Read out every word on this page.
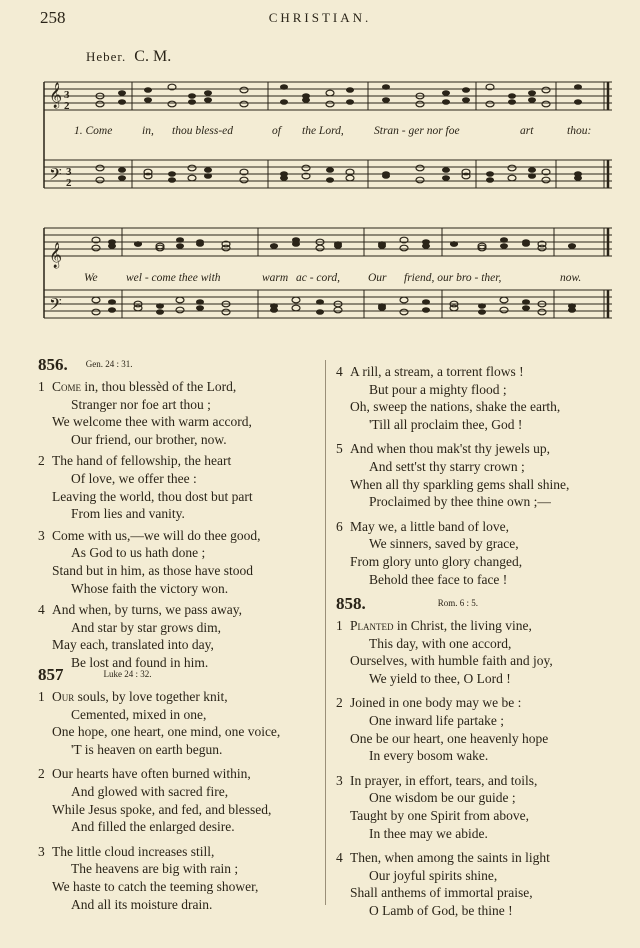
258	CHRISTIAN.
Heber. C. M.
𝄞
𝄢
𝄞
𝄢
3
2
3
2
1. Come	in, thou bless-ed	of the Lord,	Stran - ger nor foe	art	thou:
We wel - come thee with	warm ac - cord, Our friend, our bro - ther,	now.
856. Gen. 24 : 31.
1 Come in, thou blessèd of the Lord,
Stranger nor foe art thou ;
We welcome thee with warm accord,
Our friend, our brother, now.
2 The hand of fellowship, the heart
Of love, we offer thee :
Leaving the world, thou dost but part
From lies and vanity.
3 Come with us,—we will do thee good,
As God to us hath done ;
Stand but in him, as those have stood
Whose faith the victory won.
4 And when, by turns, we pass away,
And star by star grows dim,
May each, translated into day,
Be lost and found in him.
857	Luke 24 : 32.
1 Our souls, by love together knit,
Cemented, mixed in one,
One hope, one heart, one mind, one voice,
'T is heaven on earth begun.
2 Our hearts have often burned within,
And glowed with sacred fire,
While Jesus spoke, and fed, and blessed,
And filled the enlarged desire.
3 The little cloud increases still,
The heavens are big with rain ;
We haste to catch the teeming shower,
And all its moisture drain.
4 A rill, a stream, a torrent flows !
But pour a mighty flood ;
Oh, sweep the nations, shake the earth,
'Till all proclaim thee, God !
5 And when thou mak'st thy jewels up,
And sett'st thy starry crown ;
When all thy sparkling gems shall shine,
Proclaimed by thee thine own ;—
6 May we, a little band of love,
We sinners, saved by grace,
From glory unto glory changed,
Behold thee face to face !
858.	Rom. 6 : 5.
1 Planted in Christ, the living vine,
This day, with one accord,
Ourselves, with humble faith and joy,
We yield to thee, O Lord !
2 Joined in one body may we be :
One inward life partake ;
One be our heart, one heavenly hope
In every bosom wake.
3 In prayer, in effort, tears, and toils,
One wisdom be our guide ;
Taught by one Spirit from above,
In thee may we abide.
4 Then, when among the saints in light
Our joyful spirits shine,
Shall anthems of immortal praise,
O Lamb of God, be thine !
